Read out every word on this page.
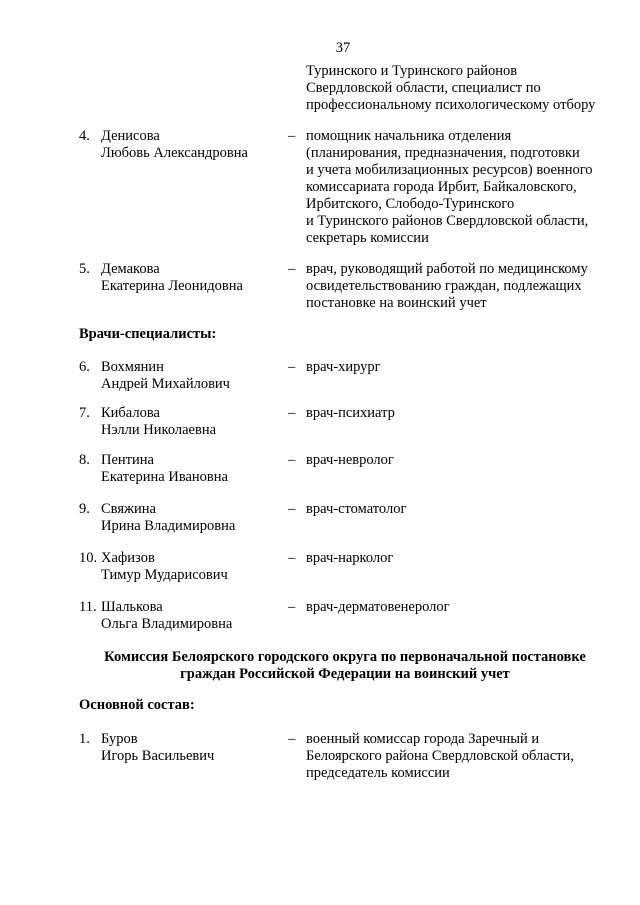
37
Туринского и Туринского районов
Свердловской области, специалист по
профессиональному психологическому отбору
4. Денисова
Любовь Александровна
– помощник начальника отделения
(планирования, предназначения, подготовки
и учета мобилизационных ресурсов) военного
комиссариата города Ирбит, Байкаловского,
Ирбитского, Слободо-Туринского
и Туринского районов Свердловской области,
секретарь комиссии
5. Демакова
Екатерина Леонидовна
– врач, руководящий работой по медицинскому
освидетельствованию граждан, подлежащих
постановке на воинский учет
Врачи-специалисты:
6. Вохмянин
Андрей Михайлович
– врач-хирург
7. Кибалова
Нэлли Николаевна
– врач-психиатр
8. Пентина
Екатерина Ивановна
– врач-невролог
9. Свяжина
Ирина Владимировна
– врач-стоматолог
10. Хафизов
Тимур Мударисович
– врач-нарколог
11. Шалькова
Ольга Владимировна
– врач-дерматовенеролог
Комиссия Белоярского городского округа по первоначальной постановке
граждан Российской Федерации на воинский учет
Основной состав:
1. Буров
Игорь Васильевич
– военный комиссар города Заречный и
Белоярского района Свердловской области,
председатель комиссии
